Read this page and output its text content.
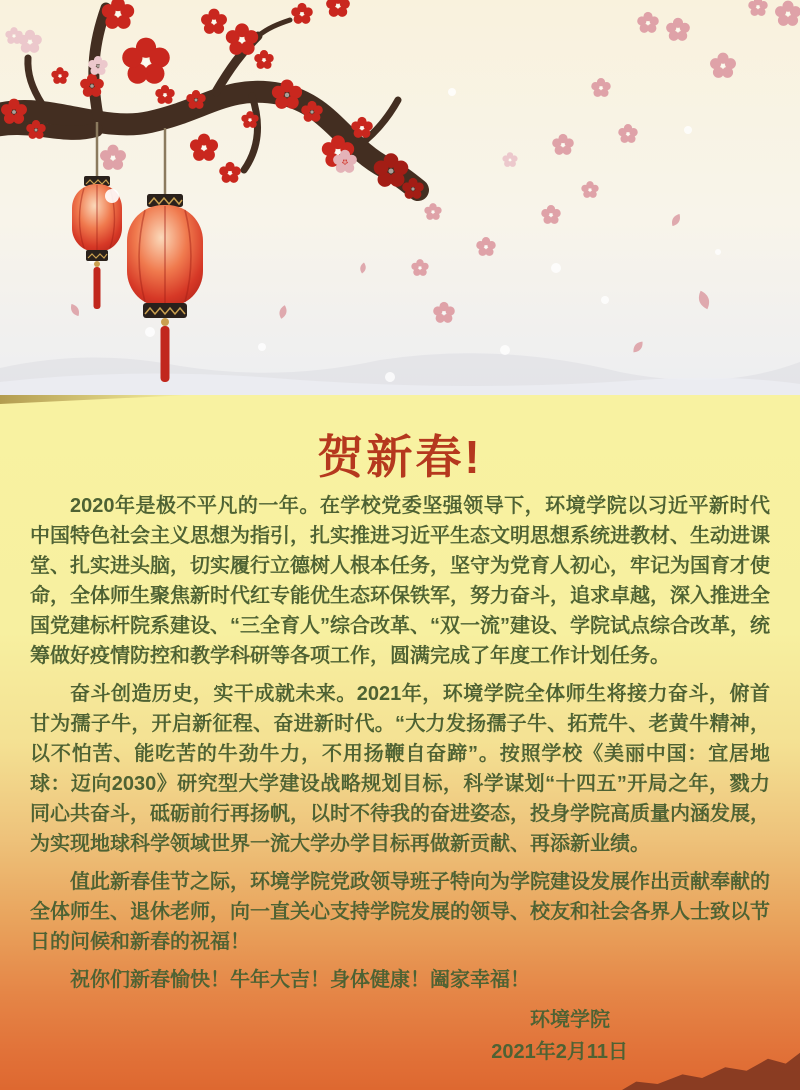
贺新春!

2020年是极不平凡的一年。在学校党委坚强领导下，环境学院以习近平新时代中国特色社会主义思想为指引，扎实推进习近平生态文明思想系统进教材、生动进课堂、扎实进头脑，切实履行立德树人根本任务，坚守为党育人初心，牢记为国育才使命，全体师生聚焦新时代红专能优生态环保铁军，努力奋斗，追求卓越，深入推进全国党建标杆院系建设、“三全育人”综合改革、“双一流”建设、学院试点综合改革，统筹做好疫情防控和教学科研等各项工作，圆满完成了年度工作计划任务。

奋斗创造历史，实干成就未来。2021年，环境学院全体师生将接力奋斗，俯首甘为孺子牛，开启新征程、奋进新时代。“大力发扬孺子牛、拓荒牛、老黄牛精神，以不怕苦、能吃苦的牛劲牛力，不用扬鞭自奋蹄”。按照学校《美丽中国：宜居地球：迈向2030》研究型大学建设战略规划目标，科学谋划“十四五”开局之年，戮力同心共奋斗，砥砺前行再扬帆，以时不待我的奋进姿态，投身学院高质量内涵发展，为实现地球科学领域世界一流大学办学目标再做新贡献、再添新业绩。

值此新春佳节之际，环境学院党政领导班子特向为学院建设发展作出贡献奉献的全体师生、退休老师，向一直关心支持学院发展的领导、校友和社会各界人士致以节日的问候和新春的祝福！

祝你们新春愉快！牛年大吉！身体健康！阖家幸福！

环境学院
2021年2月11日
